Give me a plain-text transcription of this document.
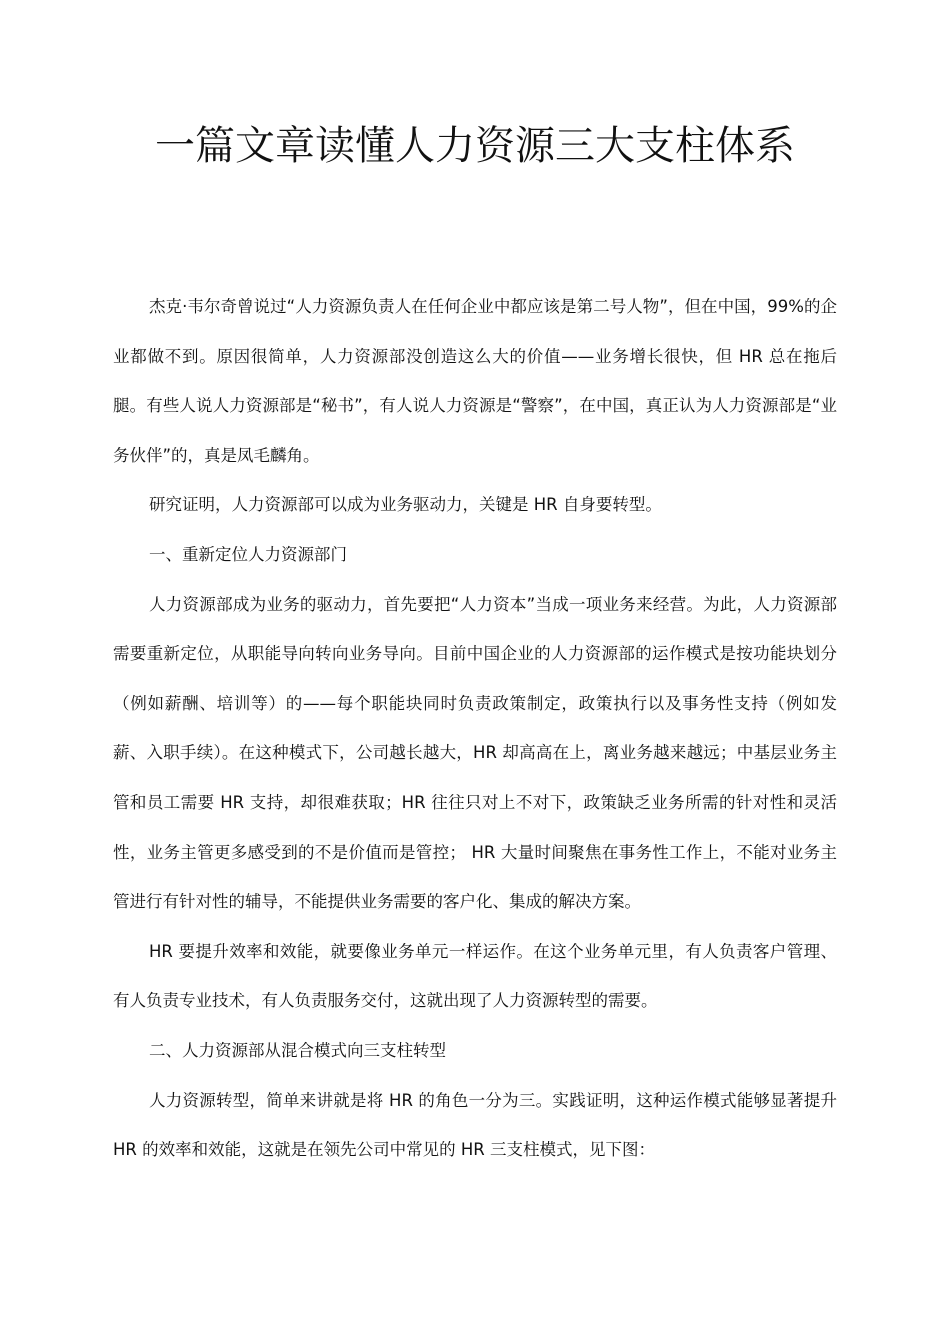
一篇文章读懂人力资源三大支柱体系

杰克·韦尔奇曾说过“人力资源负责人在任何企业中都应该是第二号人物”，但在中国，99%的企业都做不到。原因很简单，人力资源部没创造这么大的价值——业务增长很快，但 HR 总在拖后腿。有些人说人力资源部是“秘书”，有人说人力资源是“警察”，在中国，真正认为人力资源部是“业务伙伴”的，真是凤毛麟角。

研究证明，人力资源部可以成为业务驱动力，关键是 HR 自身要转型。

一、重新定位人力资源部门

人力资源部成为业务的驱动力，首先要把“人力资本”当成一项业务来经营。为此，人力资源部需要重新定位，从职能导向转向业务导向。目前中国企业的人力资源部的运作模式是按功能块划分（例如薪酬、培训等）的——每个职能块同时负责政策制定，政策执行以及事务性支持（例如发薪、入职手续）。在这种模式下，公司越长越大，HR 却高高在上，离业务越来越远；中基层业务主管和员工需要 HR 支持，却很难获取；HR 往往只对上不对下，政策缺乏业务所需的针对性和灵活性，业务主管更多感受到的不是价值而是管控； HR 大量时间聚焦在事务性工作上，不能对业务主管进行有针对性的辅导，不能提供业务需要的客户化、集成的解决方案。

HR 要提升效率和效能，就要像业务单元一样运作。在这个业务单元里，有人负责客户管理、有人负责专业技术，有人负责服务交付，这就出现了人力资源转型的需要。

二、人力资源部从混合模式向三支柱转型

人力资源转型，简单来讲就是将 HR 的角色一分为三。实践证明，这种运作模式能够显著提升 HR 的效率和效能，这就是在领先公司中常见的 HR 三支柱模式，见下图：
